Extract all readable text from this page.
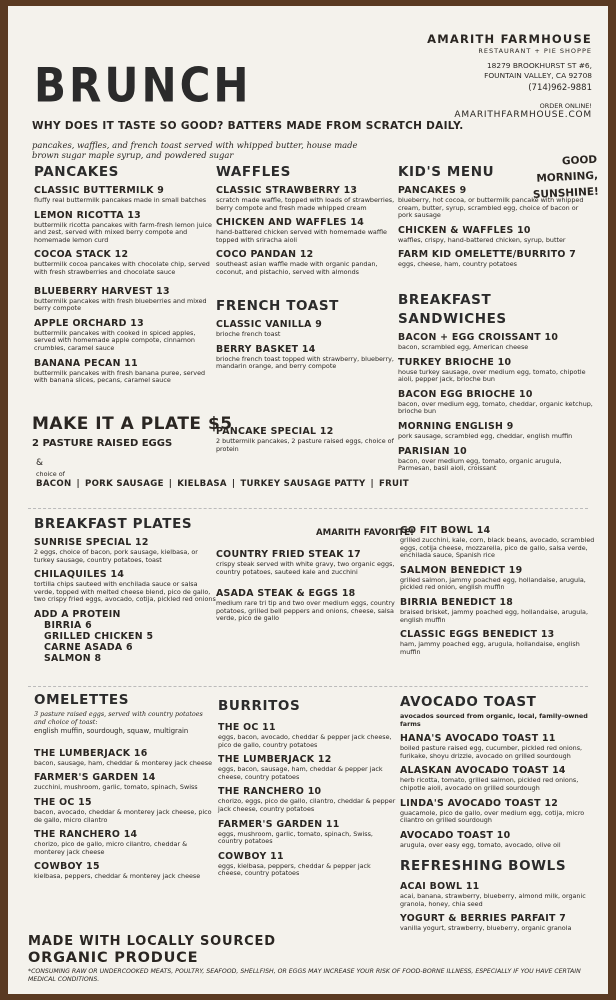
BRUNCH
WHY DOES IT TASTE SO GOOD? BATTERS MADE FROM SCRATCH DAILY.
pancakes, waffles, and french toast served with whipped butter, house made brown sugar maple syrup, and powdered sugar
AMARITH FARMHOUSE
RESTAURANT + PIE SHOPPE
18279 BROOKHURST ST #6,
FOUNTAIN VALLEY, CA 92708
(714)962-9881
ORDER ONLINE!
AMARITHFARMHOUSE.COM
GOOD MORNING,
SUNSHINE!
PANCAKES
CLASSIC BUTTERMILK 9
fluffy real buttermilk pancakes made in small batches
LEMON RICOTTA 13
buttermilk ricotta pancakes with farm-fresh lemon juice and zest, served with mixed berry compote and homemade lemon curd
COCOA STACK 12
buttermilk cocoa pancakes with chocolate chip, served with fresh strawberries and chocolate sauce
BLUEBERRY HARVEST 13
buttermilk pancakes with fresh blueberries and mixed berry compote
APPLE ORCHARD 13
buttermilk pancakes with cooked in spiced apples, served with homemade apple compote, cinnamon crumbles, caramel sauce
BANANA PECAN 11
buttermilk pancakes with fresh banana puree, served with banana slices, pecans, caramel sauce
WAFFLES
CLASSIC STRAWBERRY 13
scratch made waffle, topped with loads of strawberries, berry compote and fresh made whipped cream
CHICKEN AND WAFFLES 14
hand-battered chicken served with homemade waffle topped with sriracha aioli
COCO PANDAN 12
southeast asian waffle made with organic pandan, coconut, and pistachio, served with almonds
FRENCH TOAST
CLASSIC VANILLA 9
brioche french toast
BERRY BASKET 14
brioche french toast topped with strawberry, blueberry, mandarin orange, and berry compote
PANCAKE SPECIAL 12
2 buttermilk pancakes, 2 pasture raised eggs, choice of protein
KID'S MENU
PANCAKES 9
blueberry, hot cocoa, or buttermilk pancake with whipped cream, butter, syrup, scrambled egg, choice of bacon or pork sausage
CHICKEN & WAFFLES 10
waffles, crispy, hand-battered chicken, syrup, butter
FARM KID OMELETTE/BURRITO 7
eggs, cheese, ham, country potatoes
BREAKFAST
SANDWICHES
BACON + EGG CROISSANT 10
bacon, scrambled egg, American cheese
TURKEY BRIOCHE 10
house turkey sausage, over medium egg, tomato, chipotle aioli, pepper jack, brioche bun
BACON EGG BRIOCHE 10
bacon, over medium egg, tomato, cheddar, organic ketchup, brioche bun
MORNING ENGLISH 9
pork sausage, scrambled egg, cheddar, english muffin
PARISIAN 10
bacon, over medium egg, tomato, organic arugula, Parmesan, basil aioli, croissant
MAKE IT A PLATE $5
2 PASTURE RAISED EGGS
&
choice of
BACON | PORK SAUSAGE | KIELBASA | TURKEY SAUSAGE PATTY | FRUIT
BREAKFAST PLATES
SUNRISE SPECIAL 12
2 eggs, choice of bacon, pork sausage, kielbasa, or turkey sausage, country potatoes, toast
CHILAQUILES 14
tortilla chips sauteed with enchilada sauce or salsa verde, topped with melted cheese blend, pico de gallo, two crispy fried eggs, avocado, cotija, pickled red onions
ADD A PROTEIN
BIRRIA 6
GRILLED CHICKEN 5
CARNE ASADA 6
SALMON 8
AMARITH FAVORITE!
COUNTRY FRIED STEAK 17
crispy steak served with white gravy, two organic eggs, country potatoes, sauteed kale and zucchini
ASADA STEAK & EGGS 18
medium rare tri tip and two over medium eggs, country potatoes, grilled bell peppers and onions, cheese, salsa verde, pico de gallo
GO FIT BOWL 14
grilled zucchini, kale, corn, black beans, avocado, scrambled eggs, cotija cheese, mozzarella, pico de gallo, salsa verde, enchilada sauce, Spanish rice
SALMON BENEDICT 19
grilled salmon, jammy poached egg, hollandaise, arugula, pickled red onion, english muffin
BIRRIA BENEDICT 18
braised brisket, jammy poached egg, hollandaise, arugula, english muffin
CLASSIC EGGS BENEDICT 13
ham, jammy poached egg, arugula, hollandaise, english muffin
OMELETTES
3 pasture raised eggs, served with country potatoes and choice of toast:
english muffin, sourdough, squaw, multigrain
THE LUMBERJACK 16
bacon, sausage, ham, cheddar & monterey jack cheese
FARMER'S GARDEN 14
zucchini, mushroom, garlic, tomato, spinach, Swiss
THE OC 15
bacon, avocado, cheddar & monterey jack cheese, pico de gallo, micro cilantro
THE RANCHERO 14
chorizo, pico de gallo, micro cilantro, cheddar & monterey jack cheese
COWBOY 15
kielbasa, peppers, cheddar & monterey jack cheese
BURRITOS
THE OC 11
eggs, bacon, avocado, cheddar & pepper jack cheese, pico de gallo, country potatoes
THE LUMBERJACK 12
eggs, bacon, sausage, ham, cheddar & pepper jack cheese, country potatoes
THE RANCHERO 10
chorizo, eggs, pico de gallo, cilantro, cheddar & pepper jack cheese, country potatoes
FARMER'S GARDEN 11
eggs, mushroom, garlic, tomato, spinach, Swiss, country potatoes
COWBOY 11
eggs, kielbasa, peppers, cheddar & pepper jack cheese, country potatoes
AVOCADO TOAST
avocados sourced from organic, local, family-owned farms
HANA'S AVOCADO TOAST 11
boiled pasture raised egg, cucumber, pickled red onions, furikake, shoyu drizzle, avocado on grilled sourdough
ALASKAN AVOCADO TOAST 14
herb ricotta, tomato, grilled salmon, pickled red onions, chipotle aioli, avocado on grilled sourdough
LINDA'S AVOCADO TOAST 12
guacamole, pico de gallo, over medium egg, cotija, micro cilantro on grilled sourdough
AVOCADO TOAST 10
arugula, over easy egg, tomato, avocado, olive oil
REFRESHING BOWLS
ACAI BOWL 11
acai, banana, strawberry, blueberry, almond milk, organic granola, honey, chia seed
YOGURT & BERRIES PARFAIT 7
vanilla yogurt, strawberry, blueberry, organic granola
MADE WITH LOCALLY SOURCED
ORGANIC PRODUCE
*CONSUMING RAW OR UNDERCOOKED MEATS, POULTRY, SEAFOOD, SHELLFISH, OR EGGS MAY INCREASE YOUR RISK OF FOOD-BORNE ILLNESS, ESPECIALLY IF YOU HAVE CERTAIN MEDICAL CONDITIONS.
